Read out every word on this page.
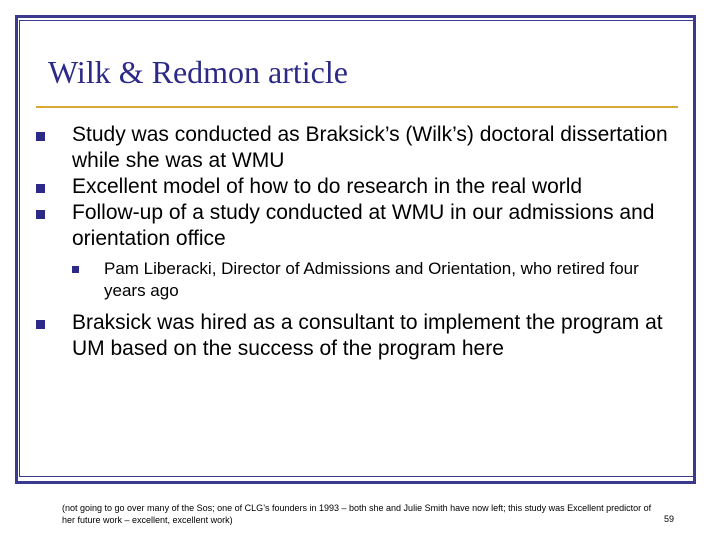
Wilk & Redmon article
Study was conducted as Braksick’s (Wilk’s) doctoral dissertation while she was at WMU
Excellent model of how to do research in the real world
Follow-up of a study conducted at WMU in our admissions and orientation office
Pam Liberacki, Director of Admissions and Orientation, who retired four years ago
Braksick was hired as a consultant to implement the program at UM based on the success of the program here

(not going to go over many of the Sos; one of CLG’s founders in 1993 – both she and Julie Smith have now left; this study was Excellent predictor of her future work – excellent, excellent work)	59
